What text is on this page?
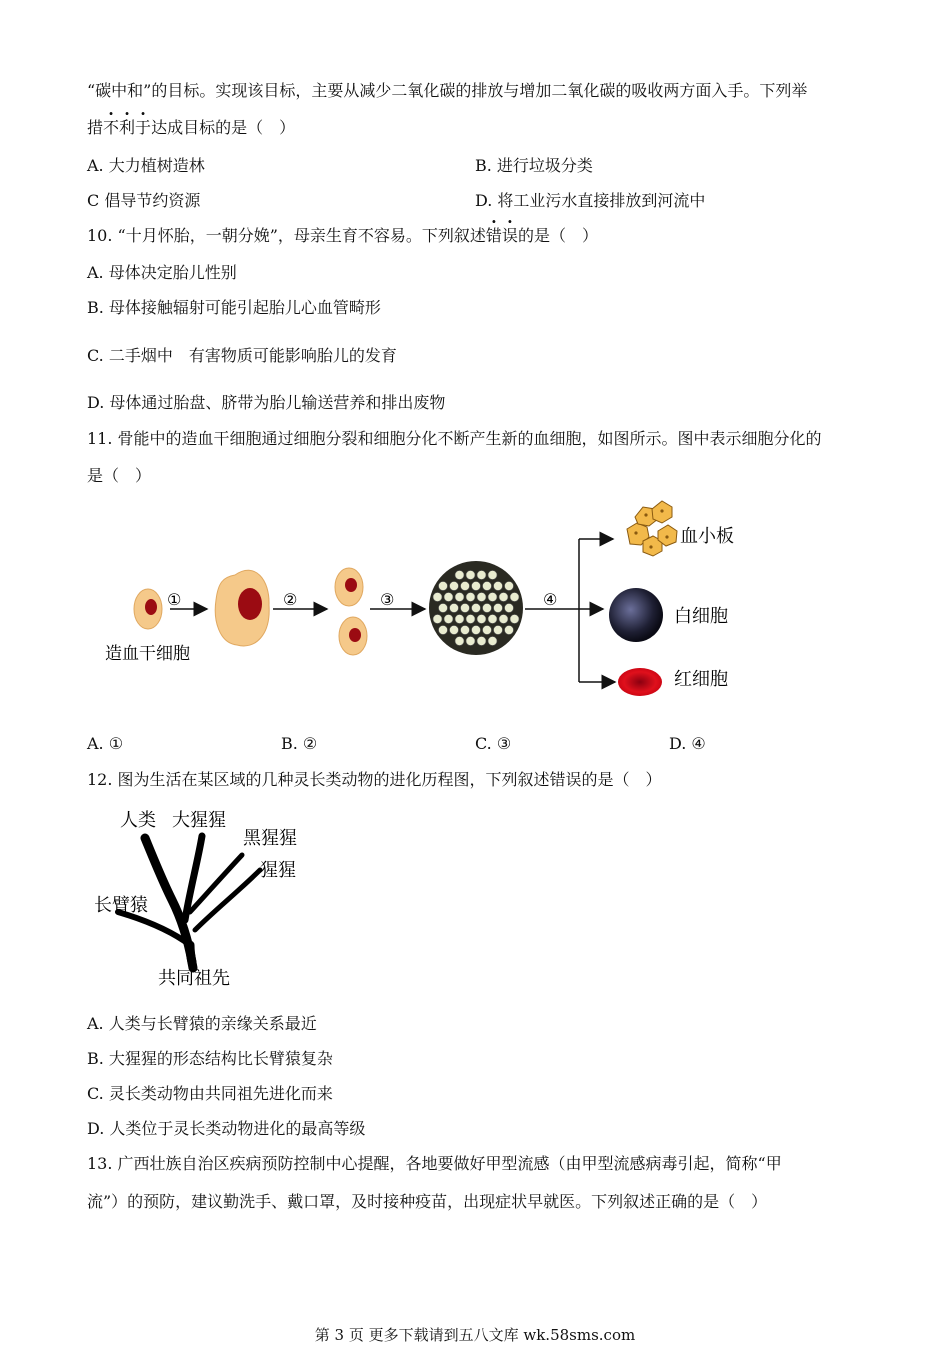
“碳中和”的目标。实现该目标，主要从减少二氧化碳的排放与增加二氧化碳的吸收两方面入手。下列举
措不利于达成目标的是（　）
A. 大力植树造林	B. 进行垃圾分类
C 倡导节约资源	D. 将工业污水直接排放到河流中
10. “十月怀胎，一朝分娩”，母亲生育不容易。下列叙述错误的是（　）
A. 母体决定胎儿性别
B. 母体接触辐射可能引起胎儿心血管畸形
C. 二手烟中　有害物质可能影响胎儿的发育
D. 母体通过胎盘、脐带为胎儿输送营养和排出废物
11. 骨能中的造血干细胞通过细胞分裂和细胞分化不断产生新的血细胞，如图所示。图中表示细胞分化的
是（　）
造血干细胞
①	②	③	④
血小板
白细胞
红细胞
A. ①	B. ②	C. ③	D. ④
12. 图为生活在某区域的几种灵长类动物的进化历程图，下列叙述错误的是（　）
人类 大猩猩
黑猩猩
猩猩
长臂猿
共同祖先
A. 人类与长臂猿的亲缘关系最近
B. 大猩猩的形态结构比长臂猿复杂
C. 灵长类动物由共同祖先进化而来
D. 人类位于灵长类动物进化的最高等级
13. 广西壮族自治区疾病预防控制中心提醒，各地要做好甲型流感（由甲型流感病毒引起，简称“甲
流”）的预防，建议勤洗手、戴口罩，及时接种疫苗，出现症状早就医。下列叙述正确的是（　）
第 3 页 更多下载请到五八文库 wk.58sms.com
